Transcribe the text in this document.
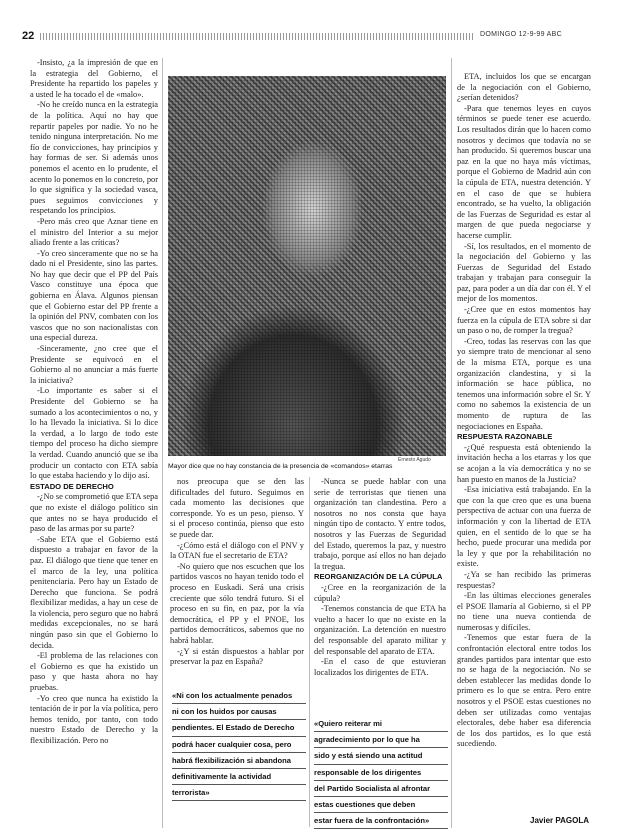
22	DOMINGO 12-9-99 ABC

-Insisto, ¿a la impresión de que en la estrategia del Gobierno, el Presidente ha repartido los papeles y a usted le ha tocado el de «malo».

-No he creído nunca en la estrategia de la política. Aquí no hay que repartir papeles por nadie. Yo no he tenido ninguna interpretación. No me fío de convicciones, hay principios y hay formas de ser. Si además unos ponemos el acento en lo prudente, el acento lo ponemos en lo concreto, por lo que significa y la sociedad vasca, pues seguimos convicciones y respetando los principios.

-Pero más creo que Aznar tiene en el ministro del Interior a su mejor aliado frente a las críticas?

-Yo creo sinceramente que no se ha dado ni el Presidente, sino las partes. No hay que decir que el PP del País Vasco constituye una época que gobierna en Álava. Algunos piensan que el Gobierno estar del PP frente a la opinión del PNV, combaten con los vascos que no son nacionalistas con una especial dureza.

-Sinceramente, ¿no cree que el Presidente se equivocó en el Gobierno al no anunciar a más fuerte la iniciativa?

-Lo importante es saber si el Presidente del Gobierno se ha sumado a los acontecimientos o no, y lo ha llevado la iniciativa. Si lo dice la verdad, a lo largo de todo este tiempo del proceso ha dicho siempre la verdad. Cuando anunció que se iba producir un contacto con ETA sabía lo que estaba haciendo y lo dijo así.

ESTADO DE DERECHO

-¿No se comprometió que ETA sepa que no existe el diálogo político sin que antes no se haya producido el paso de las armas por su parte?

-Sabe ETA que el Gobierno está dispuesto a trabajar en favor de la paz. El diálogo que tiene que tener en el marco de la ley, una política penitenciaria. Pero hay un Estado de Derecho que funciona. Se podrá flexibilizar medidas, a hay un cese de la violencia, pero seguro que no habrá medidas excepcionales, no se hará ningún paso sin que el Gobierno lo decida.

-El problema de las relaciones con el Gobierno es que ha existido un paso y que hasta ahora no hay pruebas.

-Yo creo que nunca ha existido la tentación de ir por la vía política, pero hemos tenido, por tanto, con todo nuestro Estado de Derecho y la flexibilización. Pero no

Ernesto Agudo
Mayor dice que no hay constancia de la presencia de «comandos» etarras

nos preocupa que se den las dificultades del futuro. Seguimos en cada momento las decisiones que corresponde. Yo es un peso, pienso. Y si el proceso continúa, pienso que esto se puede dar.

-¿Cómo está el diálogo con el PNV y la OTAN fue el secretario de ETA?

-No quiero que nos escuchen que los partidos vascos no hayan tenido todo el proceso en Euskadi. Será una crisis creciente que sólo tendrá futuro. Si el proceso en su fin, en paz, por la vía democrática, el PP y el PNOE, los partidos democráticos, sabemos que no habrá hablar.

-¿Y si están dispuestos a hablar por preservar la paz en España?

«Ni con los actualmente penados
ni con los huidos por causas
pendientes. El Estado de Derecho
podrá hacer cualquier cosa, pero
habrá flexibilización si abandona
definitivamente la actividad
terrorista»

-Nunca se puede hablar con una serie de terroristas que tienen una organización tan clandestina. Pero a nosotros no nos consta que haya ningún tipo de contacto. Y entre todos, nosotros y las Fuerzas de Seguridad del Estado, queremos la paz, y nuestro trabajo, porque así ellos no han dejado la tregua.

REORGANIZACIÓN DE LA CÚPULA

-¿Cree en la reorganización de la cúpula?

-Tenemos constancia de que ETA ha vuelto a hacer lo que no existe en la organización. La detención en nuestro del responsable del aparato militar y del responsable del aparato de ETA.

-En el caso de que estuvieran localizados los dirigentes de ETA.

«Quiero reiterar mi
agradecimiento por lo que ha
sido y está siendo una actitud
responsable de los dirigentes
del Partido Socialista al afrontar
estas cuestiones que deben
estar fuera de la confrontación»

ETA, incluidos los que se encargan de la negociación con el Gobierno, ¿serían detenidos?

-Para que tenemos leyes en cuyos términos se puede tener ese acuerdo. Los resultados dirán que lo hacen como nosotros y decimos que todavía no se han producido. Si queremos buscar una paz en la que no haya más víctimas, porque el Gobierno de Madrid aún con la cúpula de ETA, nuestra detención. Y en el caso de que se hubiera encontrado, se ha vuelto, la obligación de las Fuerzas de Seguridad es estar al margen de que pueda negociarse y hacerse cumplir.

-Sí, los resultados, en el momento de la negociación del Gobierno y las Fuerzas de Seguridad del Estado trabajan y trabajan para conseguir la paz, para poder a un día dar con él. Y el mejor de los momentos.

-¿Cree que en estos momentos hay fuerza en la cúpula de ETA sobre si dar un paso o no, de romper la tregua?

-Creo, todas las reservas con las que yo siempre trato de mencionar al seno de la misma ETA, porque es una organización clandestina, y si la información se hace pública, no tenemos una información sobre el Sr. Y como no sabemos la existencia de un momento de ruptura de las negociaciones en España.

RESPUESTA RAZONABLE

-¿Qué respuesta está obteniendo la invitación hecha a los etarras y los que se acojan a la vía democrática y no se han puesto en manos de la Justicia?

-Esa iniciativa está trabajando. En la que con la que creo que es una buena perspectiva de actuar con una fuerza de información y con la libertad de ETA quien, en el sentido de lo que se ha hecho, puede procurar una medida por la ley y que por la rehabilitación no existe.

-¿Ya se han recibido las primeras respuestas?

-En las últimas elecciones generales el PSOE llamaría al Gobierno, si el PP no tiene una nueva contienda de numerosas y difíciles.

-Tenemos que estar fuera de la confrontación electoral entre todos los grandes partidos para intentar que esto no se haga de la negociación. No se deben establecer las medidas donde lo primero es lo que se entra. Pero entre nosotros y el PSOE estas cuestiones no deben ser utilizadas como ventajas electorales, debe haber esa diferencia de los dos partidos, es lo que está sucediendo.

Javier PAGOLA
